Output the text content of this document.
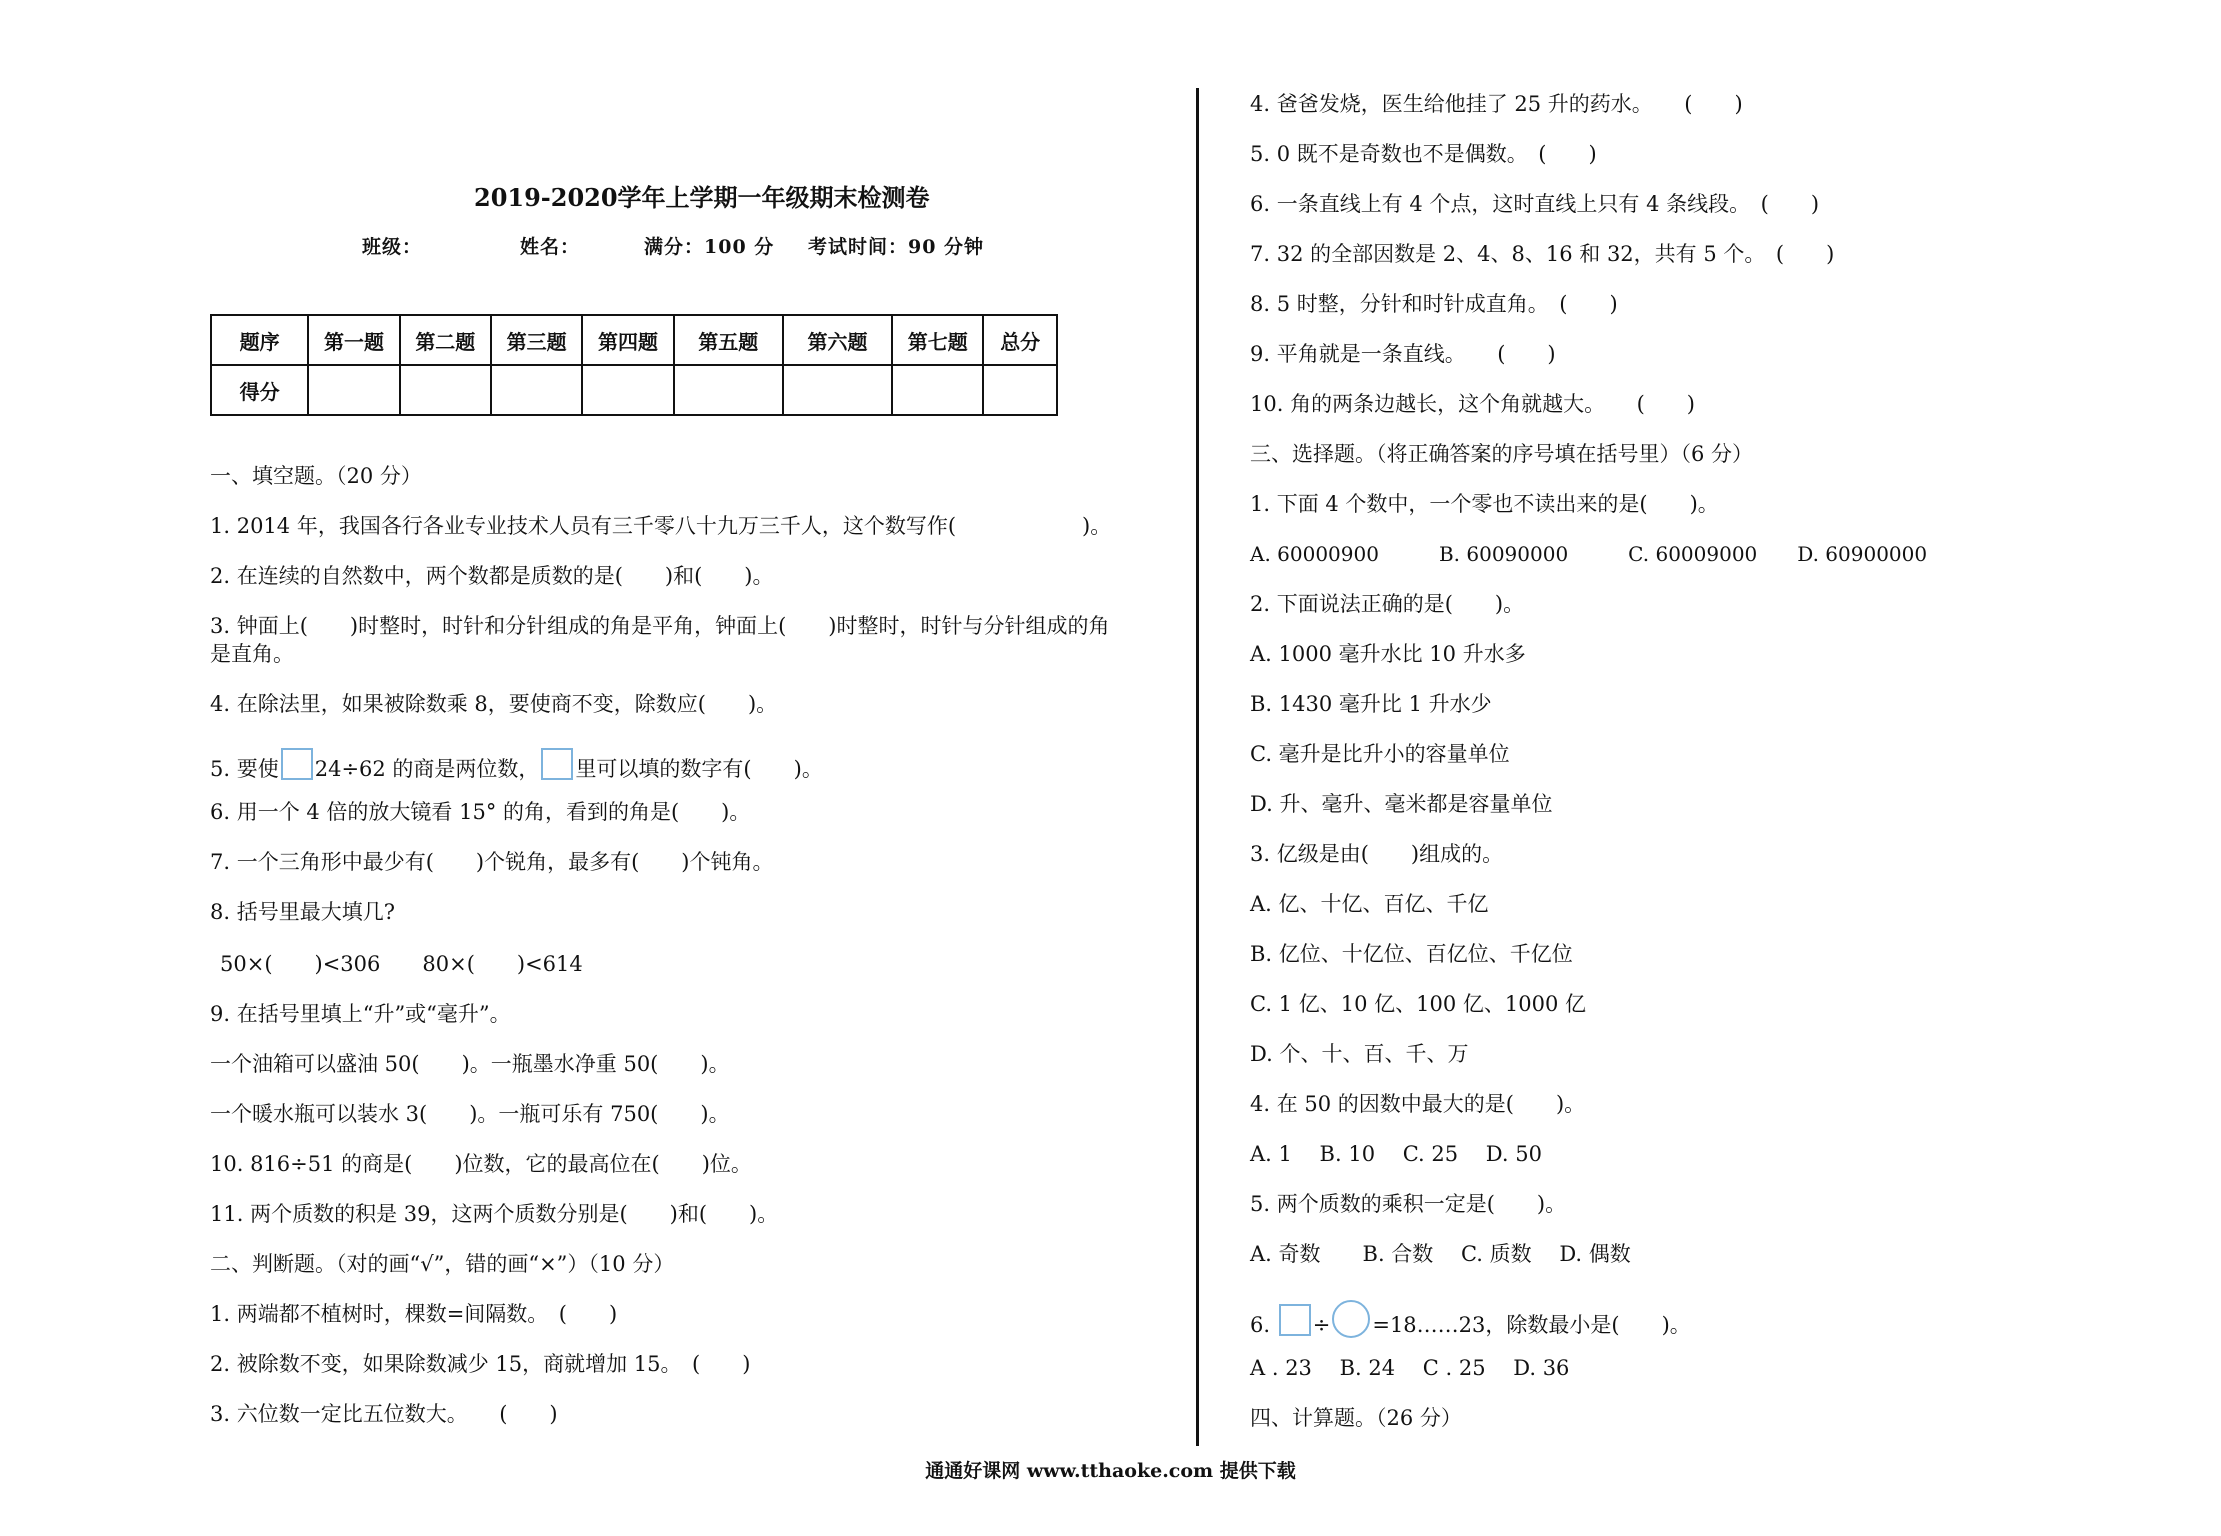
2019-2020学年上学期一年级期末检测卷
班级：	姓名：	满分：100 分 考试时间：90 分钟
题序	第一题	第二题	第三题	第四题	第五题	第六题	第七题	总分
得分								
一、填空题。（20 分）
1. 2014 年，我国各行各业专业技术人员有三千零八十九万三千人，这个数写作(　　　　　　)。
2. 在连续的自然数中，两个数都是质数的是(　　)和(　　)。
3. 钟面上(　　)时整时，时针和分针组成的角是平角，钟面上(　　)时整时，时针与分针组成的角
是直角。
4. 在除法里，如果被除数乘 8，要使商不变，除数应(　　)。
5. 要使 24÷62 的商是两位数， 里可以填的数字有(　　)。
6. 用一个 4 倍的放大镜看 15° 的角，看到的角是(　　)。
7. 一个三角形中最少有(　　)个锐角，最多有(　　)个钝角。
8. 括号里最大填几?
50×(　　)<306　　80×(　　)<614
9. 在括号里填上“升”或“毫升”。
一个油箱可以盛油 50(　　)。一瓶墨水净重 50(　　)。
一个暖水瓶可以装水 3(　　)。一瓶可乐有 750(　　)。
10. 816÷51 的商是(　　)位数，它的最高位在(　　)位。
11. 两个质数的积是 39，这两个质数分别是(　　)和(　　)。
二、判断题。（对的画“√”，错的画“×”）（10 分）
1. 两端都不植树时，棵数=间隔数。　(　　)
2. 被除数不变，如果除数减少 15，商就增加 15。　(　　)
3. 六位数一定比五位数大。　　(　　)
4. 爸爸发烧，医生给他挂了 25 升的药水。　　(　　)
5. 0 既不是奇数也不是偶数。　(　　)
6. 一条直线上有 4 个点，这时直线上只有 4 条线段。　(　　)
7. 32 的全部因数是 2、4、8、16 和 32，共有 5 个。　(　　)
8. 5 时整，分针和时针成直角。　(　　)
9. 平角就是一条直线。　　(　　)
10. 角的两条边越长，这个角就越大。　　(　　)
三、选择题。（将正确答案的序号填在括号里）（6 分）
1. 下面 4 个数中，一个零也不读出来的是(　　)。
A. 60000900　　　B. 60090000　　　C. 60009000　　D. 60900000
2. 下面说法正确的是(　　)。
A. 1000 毫升水比 10 升水多
B. 1430 毫升比 1 升水少
C. 毫升是比升小的容量单位
D. 升、毫升、毫米都是容量单位
3. 亿级是由(　　)组成的。
A. 亿、十亿、百亿、千亿
B. 亿位、十亿位、百亿位、千亿位
C. 1 亿、10 亿、100 亿、1000 亿
D. 个、十、百、千、万
4. 在 50 的因数中最大的是(　　)。
A. 1　 B. 10　 C. 25　 D. 50
5. 两个质数的乘积一定是(　　)。
A. 奇数　　B. 合数　 C. 质数　 D. 偶数
6. ÷ =18……23，除数最小是(　　)。
A . 23　 B. 24　 C . 25　 D. 36
四、计算题。（26 分）
通通好课网 www.tthaoke.com 提供下载
